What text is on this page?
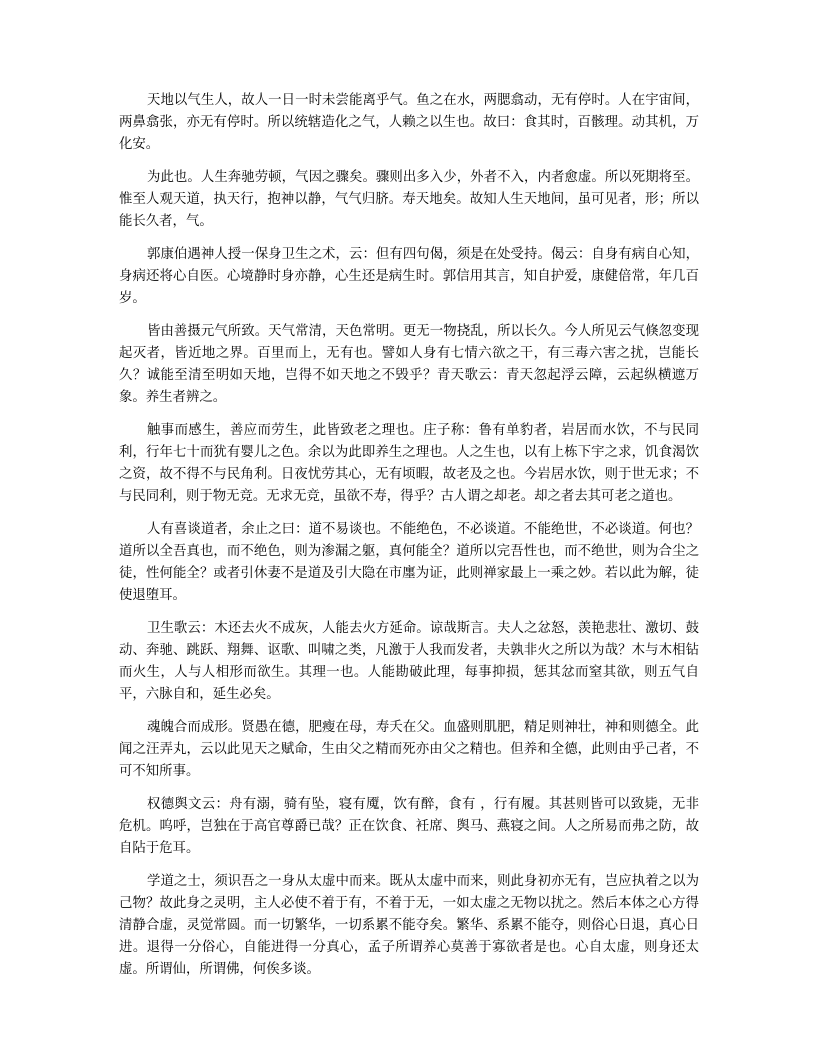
天地以气生人，故人一日一时未尝能离乎气。鱼之在水，两腮翕动，无有停时。人在宇宙间，两鼻翕张，亦无有停时。所以统辖造化之气，人赖之以生也。故曰：食其时，百骸理。动其机，万化安。

为此也。人生奔驰劳顿，气因之骤矣。骤则出多入少，外者不入，内者愈虚。所以死期将至。惟至人观天道，执天行，抱神以静，气气归脐。寿天地矣。故知人生天地间，虽可见者，形；所以能长久者，气。

郭康伯遇神人授一保身卫生之术，云：但有四句偈，须是在处受持。偈云：自身有病自心知，身病还将心自医。心境静时身亦静，心生还是病生时。郭信用其言，知自护爱，康健倍常，年几百岁。

皆由善摄元气所致。天气常清，天色常明。更无一物挠乱，所以长久。今人所见云气倏忽变现起灭者，皆近地之界。百里而上，无有也。譬如人身有七情六欲之干，有三毒六害之扰，岂能长久？诚能至清至明如天地，岂得不如天地之不毁乎？青天歌云：青天忽起浮云障，云起纵横遮万象。养生者辨之。

触事而感生，善应而劳生，此皆致老之理也。庄子称：鲁有单豹者，岩居而水饮，不与民同利，行年七十而犹有婴儿之色。余以为此即养生之理也。人之生也，以有上栋下宇之求，饥食渴饮之资，故不得不与民角利。日夜忧劳其心，无有顷暇，故老及之也。今岩居水饮，则于世无求；不与民同利，则于物无竞。无求无竞，虽欲不寿，得乎？古人谓之却老。却之者去其可老之道也。

人有喜谈道者，余止之曰：道不易谈也。不能绝色，不必谈道。不能绝世，不必谈道。何也？道所以全吾真也，而不绝色，则为渗漏之躯，真何能全？道所以完吾性也，而不绝世，则为合尘之徒，性何能全？或者引休妻不是道及引大隐在市廛为证，此则禅家最上一乘之妙。若以此为解，徒使退堕耳。

卫生歌云：木还去火不成灰，人能去火方延命。谅哉斯言。夫人之忿怒，羡艳悲壮、激切、鼓动、奔驰、跳跃、翔舞、讴歌、叫啸之类，凡激于人我而发者，夫孰非火之所以为哉？木与木相钻而火生，人与人相形而欲生。其理一也。人能勘破此理，每事抑损，惩其忿而窒其欲，则五气自平，六脉自和，延生必矣。

魂魄合而成形。贤愚在德，肥瘦在母，寿夭在父。血盛则肌肥，精足则神壮，神和则德全。此闻之汪弄丸，云以此见天之赋命，生由父之精而死亦由父之精也。但养和全德，此则由乎己者，不可不知所事。

权德舆文云：舟有溺，骑有坠，寝有魇，饮有醉，食有 ，行有履。其甚则皆可以致毙，无非危机。呜呼，岂独在于高官尊爵已哉？正在饮食、衽席、舆马、燕寝之间。人之所易而弗之防，故自阽于危耳。

学道之士，须识吾之一身从太虚中而来。既从太虚中而来，则此身初亦无有，岂应执着之以为己物？故此身之灵明，主人必使不着于有，不着于无，一如太虚之无物以扰之。然后本体之心方得清静合虚，灵觉常圆。而一切繁华，一切系累不能夺矣。繁华、系累不能夺，则俗心日退，真心日进。退得一分俗心，自能进得一分真心，孟子所谓养心莫善于寡欲者是也。心自太虚，则身还太虚。所谓仙，所谓佛，何俟多谈。
